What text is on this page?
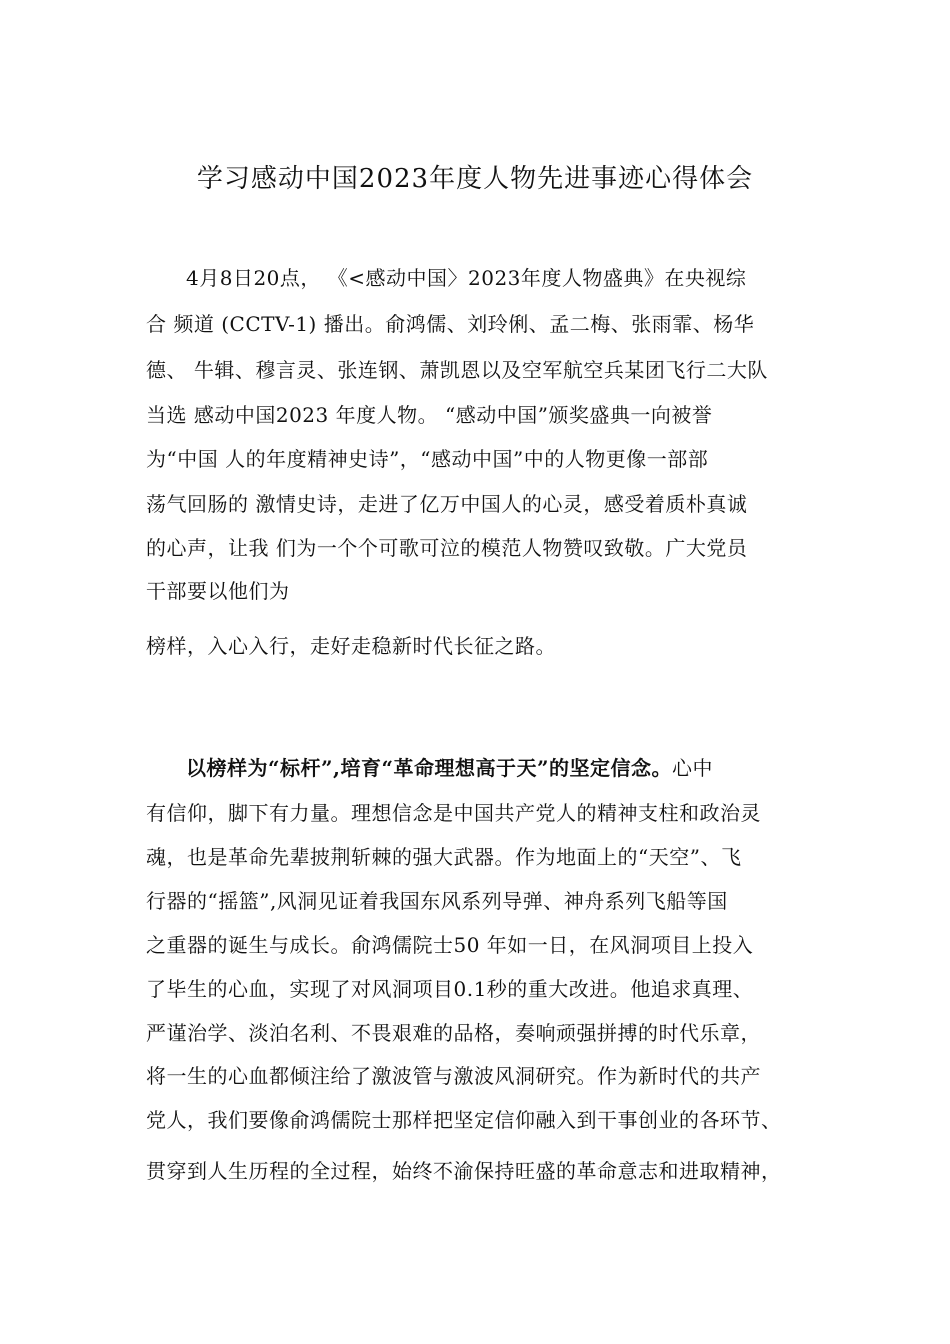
学习感动中国2023年度人物先进事迹心得体会
4月8日20点， 《<感动中国〉2023年度人物盛典》在央视综
合 频道 (CCTV-1) 播出。俞鸿儒、刘玲俐、孟二梅、张雨霏、杨华
德、 牛辑、穆言灵、张连钢、萧凯恩以及空军航空兵某团飞行二大队
当选 感动中国2023 年度人物。 “感动中国”颁奖盛典一向被誉
为“中国 人的年度精神史诗”，“感动中国”中的人物更像一部部
荡气回肠的 激情史诗，走进了亿万中国人的心灵，感受着质朴真诚
的心声，让我 们为一个个可歌可泣的模范人物赞叹致敬。广大党员
干部要以他们为
榜样，入心入行，走好走稳新时代长征之路。
以榜样为“标杆”,培育“革命理想高于天”的坚定信念。心中
有信仰，脚下有力量。理想信念是中国共产党人的精神支柱和政治灵
魂，也是革命先辈披荆斩棘的强大武器。作为地面上的“天空”、飞
行器的“摇篮”,风洞见证着我国东风系列导弹、神舟系列飞船等国
之重器的诞生与成长。俞鸿儒院士50 年如一日，在风洞项目上投入
了毕生的心血，实现了对风洞项目0.1秒的重大改进。他追求真理、
严谨治学、淡泊名利、不畏艰难的品格，奏响顽强拼搏的时代乐章，
将一生的心血都倾注给了激波管与激波风洞研究。作为新时代的共产
党人，我们要像俞鸿儒院士那样把坚定信仰融入到干事创业的各环节、
贯穿到人生历程的全过程，始终不渝保持旺盛的革命意志和进取精神，
